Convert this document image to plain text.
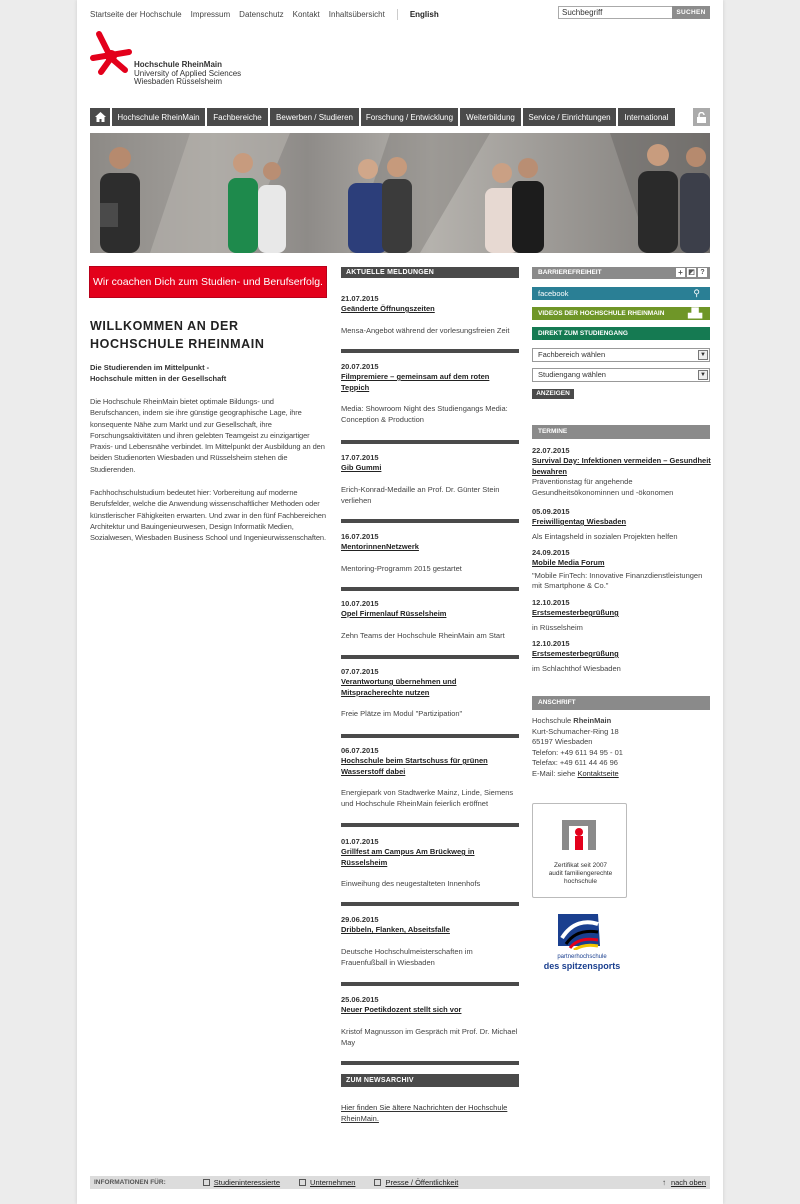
Startseite der Hochschule Impressum Datenschutz Kontakt Inhaltsübersicht	English
Suchbegriff	SUCHEN
Hochschule RheinMain
University of Applied Sciences
Wiesbaden Rüsselsheim
Hochschule RheinMain	Fachbereiche	Bewerben / Studieren	Forschung / Entwicklung	Weiterbildung	Service / Einrichtungen	International
Wir coachen Dich zum Studien- und Berufserfolg.
WILLKOMMEN AN DER
HOCHSCHULE RHEINMAIN
Die Studierenden im Mittelpunkt -
Hochschule mitten in der Gesellschaft
Die Hochschule RheinMain bietet optimale Bildungs- und Berufschancen, indem sie ihre günstige geographische Lage, ihre konsequente Nähe zum Markt und zur Gesellschaft, ihre Forschungsaktivitäten und ihren gelebten Teamgeist zu einzigartiger Praxis- und Lebensnähe verbindet. Im Mittelpunkt der Ausbildung an den beiden Studienorten Wiesbaden und Rüsselsheim stehen die Studierenden.
Fachhochschulstudium bedeutet hier: Vorbereitung auf moderne Berufsfelder, welche die Anwendung wissenschaftlicher Methoden oder künstlerischer Fähigkeiten erwarten. Und zwar in den fünf Fachbereichen Architektur und Bauingenieurwesen, Design Informatik Medien, Sozialwesen, Wiesbaden Business School und Ingenieurwissenschaften.
AKTUELLE MELDUNGEN
21.07.2015
Geänderte Öffnungszeiten
Mensa-Angebot während der vorlesungsfreien Zeit
20.07.2015
Filmpremiere – gemeinsam auf dem roten Teppich
Media: Showroom Night des Studiengangs Media: Conception & Production
17.07.2015
Gib Gummi
Erich-Konrad-Medaille an Prof. Dr. Günter Stein verliehen
16.07.2015
MentorinnenNetzwerk
Mentoring-Programm 2015 gestartet
10.07.2015
Opel Firmenlauf Rüsselsheim
Zehn Teams der Hochschule RheinMain am Start
07.07.2015
Verantwortung übernehmen und Mitspracherechte nutzen
Freie Plätze im Modul "Partizipation"
06.07.2015
Hochschule beim Startschuss für grünen Wasserstoff dabei
Energiepark von Stadtwerke Mainz, Linde, Siemens und Hochschule RheinMain feierlich eröffnet
01.07.2015
Grillfest am Campus Am Brückweg in Rüsselsheim
Einweihung des neugestalteten Innenhofs
29.06.2015
Dribbeln, Flanken, Abseitsfalle
Deutsche Hochschulmeisterschaften im Frauenfußball in Wiesbaden
25.06.2015
Neuer Poetikdozent stellt sich vor
Kristof Magnusson im Gespräch mit Prof. Dr. Michael May
ZUM NEWSARCHIV
Hier finden Sie ältere Nachrichten der Hochschule RheinMain.
BARRIEREFREIHEIT	+ ◩ ?
facebook	⚲
VIDEOS DER HOCHSCHULE RHEINMAIN	▟▙
DIREKT ZUM STUDIENGANG
Fachbereich wählen	▼
Studiengang wählen	▼
ANZEIGEN
TERMINE
22.07.2015
Survival Day: Infektionen vermeiden – Gesundheit bewahren
Präventionstag für angehende Gesundheitsökonominnen und -ökonomen
05.09.2015
Freiwilligentag Wiesbaden
Als Eintagsheld in sozialen Projekten helfen
24.09.2015
Mobile Media Forum
"Mobile FinTech: Innovative Finanzdienstleistungen mit Smartphone & Co."
12.10.2015
Erstsemesterbegrüßung
in Rüsselsheim
12.10.2015
Erstsemesterbegrüßung
im Schlachthof Wiesbaden
ANSCHRIFT
Hochschule RheinMain
Kurt-Schumacher-Ring 18
65197 Wiesbaden
Telefon: +49 611 94 95 - 01
Telefax: +49 611 44 46 96
E-Mail: siehe Kontaktseite
Zertifikat seit 2007
audit familiengerechte
hochschule
partnerhochschule
des spitzensports
INFORMATIONEN FÜR:	Studieninteressierte	Unternehmen	Presse / Öffentlichkeit	↑ nach oben
